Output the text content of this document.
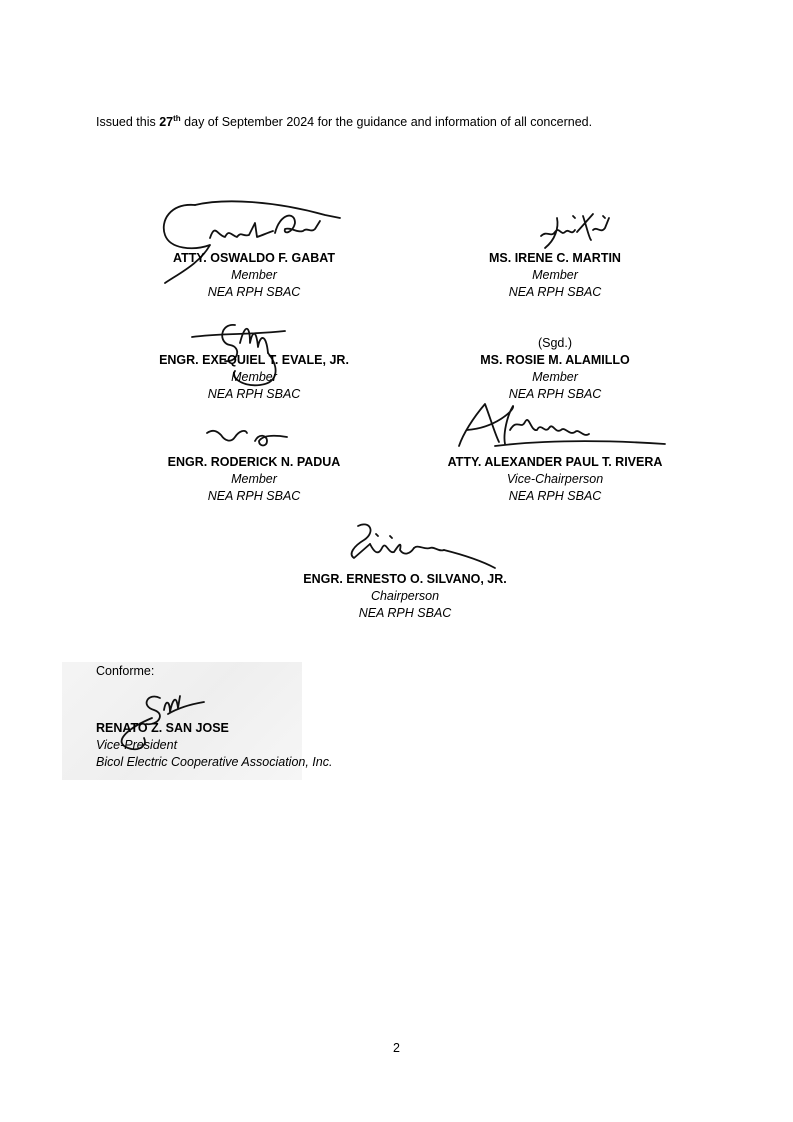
Issued this 27th day of September 2024 for the guidance and information of all concerned.
ATTY. OSWALDO F. GABAT
Member
NEA RPH SBAC
MS. IRENE C. MARTIN
Member
NEA RPH SBAC
ENGR. EXEQUIEL T. EVALE, JR.
Member
NEA RPH SBAC
(Sgd.)
MS. ROSIE M. ALAMILLO
Member
NEA RPH SBAC
ENGR. RODERICK N. PADUA
Member
NEA RPH SBAC
ATTY. ALEXANDER PAUL T. RIVERA
Vice-Chairperson
NEA RPH SBAC
ENGR. ERNESTO O. SILVANO, JR.
Chairperson
NEA RPH SBAC
Conforme:
RENATO Z. SAN JOSE
Vice-President
Bicol Electric Cooperative Association, Inc.
2
